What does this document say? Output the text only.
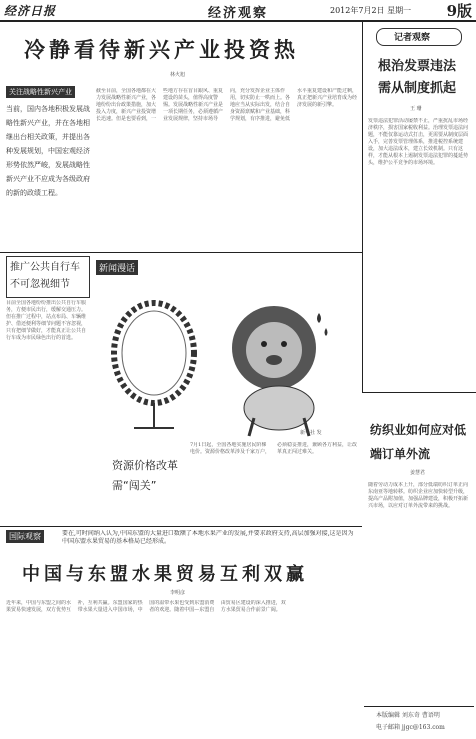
经济日报	经济观察	2012年7月2日 星期一 9版
冷静看待新兴产业投资热
林火旭
关注战略性新兴产业
当前，国内各地积极发展战略性新兴产业，并在各地相继出台相关政策，并提出各种发展规划，中国宏观经济形势依然严峻，发展战略性新兴产业不应成为各级政府的新的政绩工程。
截至目前，全国各地都在大力发展战略性新兴产业，各地纷纷出台政策措施，加大投入力度，新兴产业投资增长迅速。但是也要看到，一些地方存在盲目跟风、重复建设的苗头，值得高度警惕。发展战略性新兴产业是一项长期任务，必须遵循产业发展规律，坚持市场导向，充分发挥企业主体作用，切实防止一哄而上。各地应当从实际出发，结合自身资源禀赋和产业基础，科学规划，有序推进，避免低水平重复建设和产能过剩，真正把新兴产业培育成为经济发展的新引擎。
记者观察
根治发票违法需从制度抓起
王 珊
发票违法犯罪活动屡禁不止，严重扰乱市场经济秩序，损害国家税收利益。治理发票违法问题，不能仅靠运动式打击，更需要从制度层面入手，完善发票管理体系，推进税控系统建设，加大违法成本，建立长效机制。只有这样，才能从根本上遏制发票违法犯罪的蔓延势头，维护公平竞争的市场环境。
推广公共自行车不可忽视细节
目前全国各地纷纷推出公共自行车服务，方便市民出行，缓解交通压力。但在推广过程中，站点布局、车辆维护、借还便利等细节问题不容忽视，只有把细节做好，才能真正让公共自行车成为市民绿色出行的首选。
新闻漫话
新华社 发
资源价格改革需“闯关”
7月1日起，全国各地实施居民阶梯电价。资源价格改革涉及千家万户，必须稳妥推进，兼顾各方利益，让改革真正闯过难关。
纺织业如何应对低端订单外流
姜慧君
随着劳动力成本上升，部分低端纺织订单正向东南亚等地转移。纺织企业应加快转型升级，提高产品附加值，加强品牌建设，积极开拓新兴市场，以应对订单外流带来的挑战。
国际观察	要在,可时间纳入认为,中国东盟的大量进口数额了本地水果产业的发展,并要求政府支持,高层加强对接,这是因为中国东盟水果贸易的基本格局已经形成。
中国与东盟水果贸易互利双赢
李明彦
近年来，中国与东盟之间的水果贸易快速发展，双方优势互补，互利共赢。东盟国家的热带水果大量进入中国市场，中国的温带水果也受到东盟消费者的欢迎。随着中国—东盟自由贸易区建设的深入推进，双方水果贸易合作前景广阔。
本版编辑 刘东奇 曹语明
电子邮箱 jjgc@163.com
